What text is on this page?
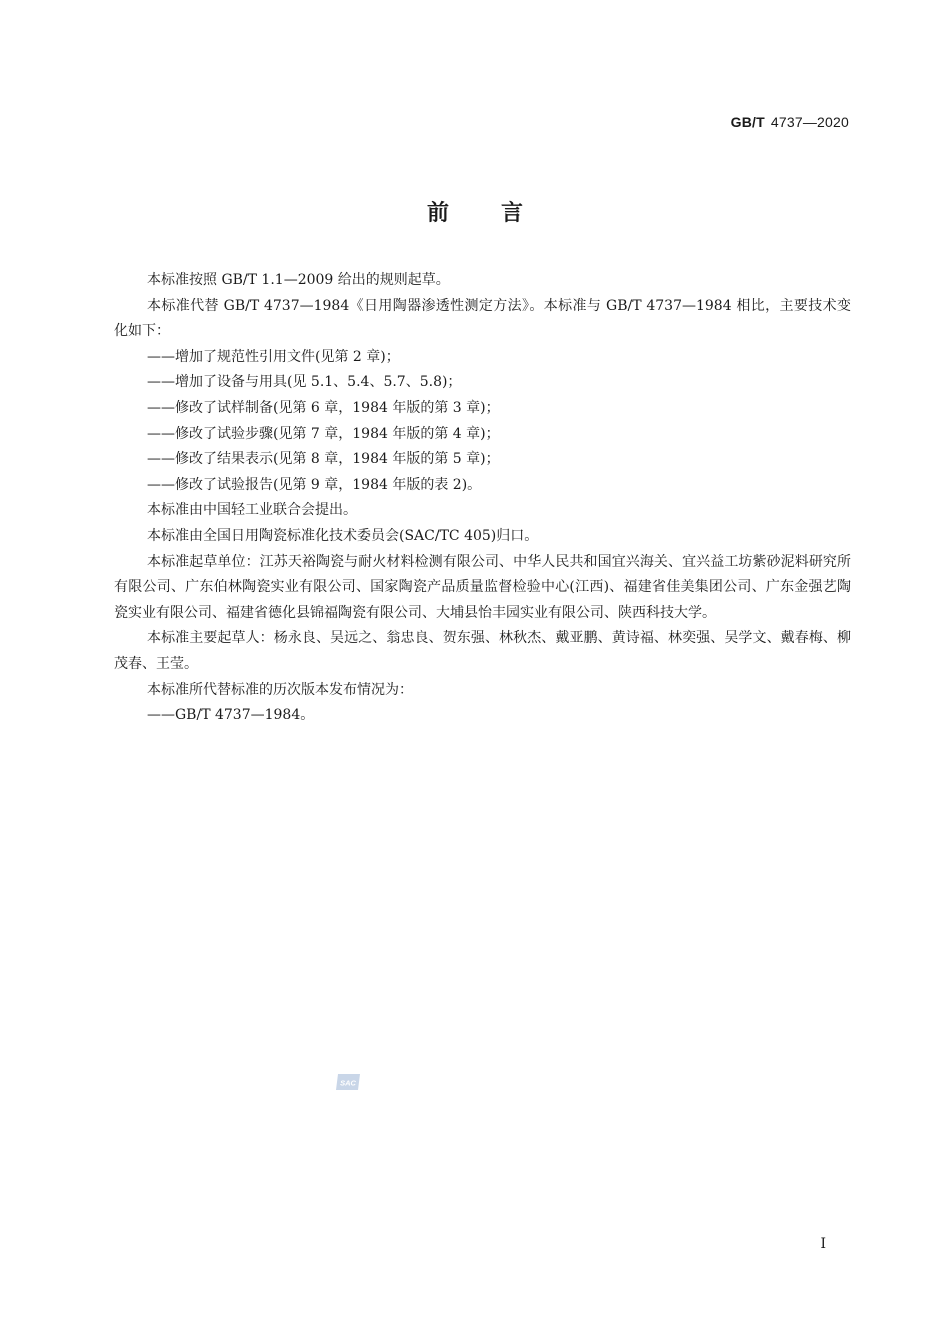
GB/T 4737—2020
前言

本标准按照 GB/T 1.1—2009 给出的规则起草。

本标准代替 GB/T 4737—1984《日用陶器渗透性测定方法》。本标准与 GB/T 4737—1984 相比，主要技术变化如下：

——增加了规范性引用文件(见第 2 章)；

——增加了设备与用具(见 5.1、5.4、5.7、5.8)；

——修改了试样制备(见第 6 章，1984 年版的第 3 章)；

——修改了试验步骤(见第 7 章，1984 年版的第 4 章)；

——修改了结果表示(见第 8 章，1984 年版的第 5 章)；

——修改了试验报告(见第 9 章，1984 年版的表 2)。

本标准由中国轻工业联合会提出。

本标准由全国日用陶瓷标准化技术委员会(SAC/TC 405)归口。

本标准起草单位：江苏天裕陶瓷与耐火材料检测有限公司、中华人民共和国宜兴海关、宜兴益工坊紫砂泥料研究所有限公司、广东伯林陶瓷实业有限公司、国家陶瓷产品质量监督检验中心(江西)、福建省佳美集团公司、广东金强艺陶瓷实业有限公司、福建省德化县锦福陶瓷有限公司、大埔县怡丰园实业有限公司、陕西科技大学。

本标准主要起草人：杨永良、吴远之、翁忠良、贺东强、林秋杰、戴亚鹏、黄诗福、林奕强、吴学文、戴春梅、柳茂春、王莹。

本标准所代替标准的历次版本发布情况为：

——GB/T 4737—1984。

SAC
I
